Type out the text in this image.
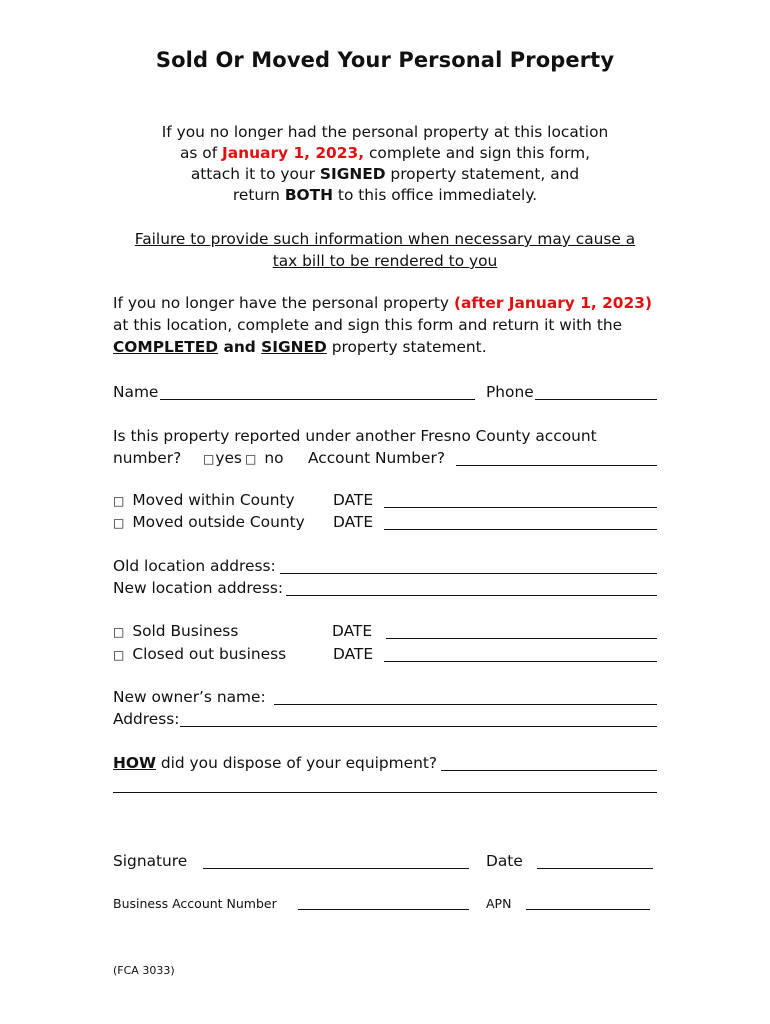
Sold Or Moved Your Personal Property
If you no longer had the personal property at this location
as of January 1, 2023, complete and sign this form,
attach it to your SIGNED property statement, and
return BOTH to this office immediately.
Failure to provide such information when necessary may cause a
tax bill to be rendered to you
If you no longer have the personal property (after January 1, 2023)
at this location, complete and sign this form and return it with the
COMPLETED and SIGNED property statement.
Name	Phone
Is this property reported under another Fresno County account
number? □yes □ no Account Number?
□ Moved within County DATE
□ Moved outside County DATE
Old location address:
New location address:
□ Sold Business	DATE
□ Closed out business	DATE
New owner’s name:
Address:
HOW did you dispose of your equipment?
Signature	Date
Business Account Number	APN
(FCA 3033)
